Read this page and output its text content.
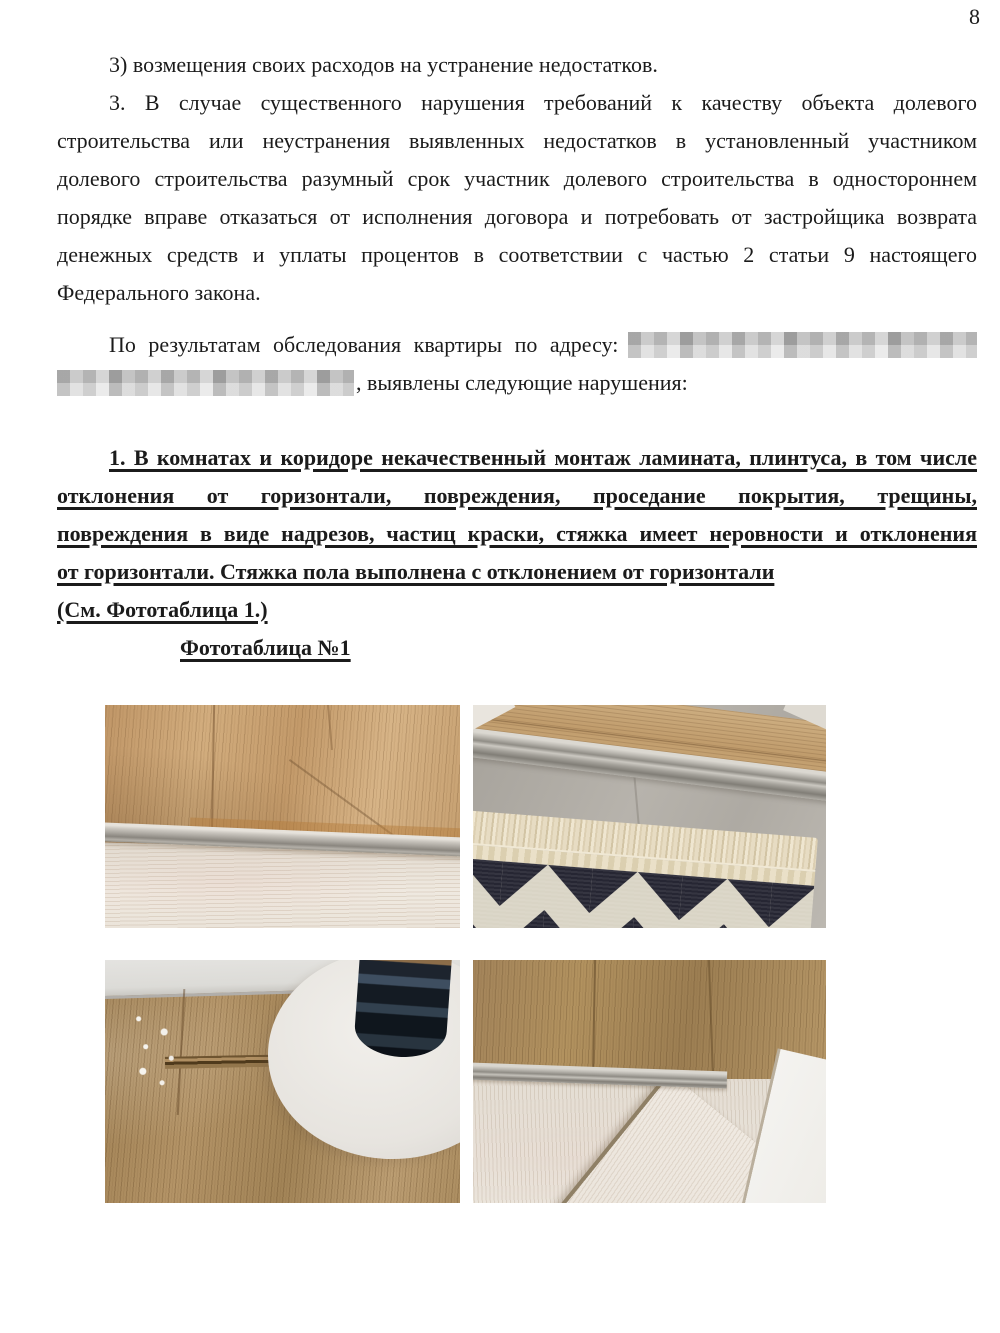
8
3) возмещения своих расходов на устранение недостатков.
3. В случае существенного нарушения требований к качеству объекта долевого
строительства или неустранения выявленных недостатков в установленный участником
долевого строительства разумный срок участник долевого строительства в одностороннем
порядке вправе отказаться от исполнения договора и потребовать от застройщика возврата
денежных средств и уплаты процентов в соответствии с частью 2 статьи 9 настоящего
Федерального закона.
По результатам обследования квартиры по адресу:
, выявлены следующие нарушения:
1. В комнатах и коридоре некачественный монтаж ламината, плинтуса, в том числе
отклонения от горизонтали, повреждения, проседание покрытия, трещины,
повреждения в виде надрезов, частиц краски, стяжка имеет неровности и отклонения
от горизонтали. Стяжка пола выполнена с отклонением от горизонтали
(См. Фототаблица 1.)
Фототаблица №1
